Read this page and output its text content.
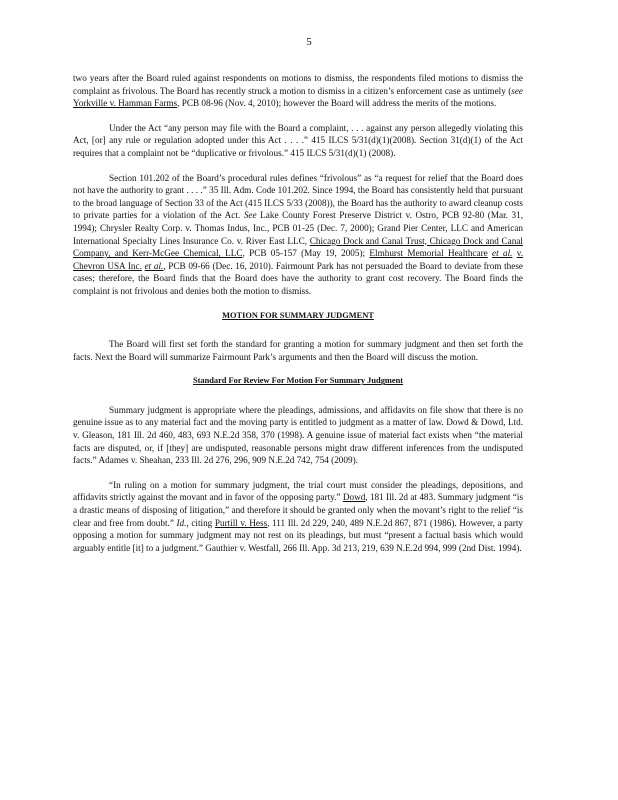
5

two years after the Board ruled against respondents on motions to dismiss, the respondents filed motions to dismiss the complaint as frivolous. The Board has recently struck a motion to dismiss in a citizen’s enforcement case as untimely (see Yorkville v. Hamman Farms, PCB 08-96 (Nov. 4, 2010); however the Board will address the merits of the motions.

Under the Act “any person may file with the Board a complaint, . . . against any person allegedly violating this Act, [or] any rule or regulation adopted under this Act . . . .” 415 ILCS 5/31(d)(1)(2008). Section 31(d)(1) of the Act requires that a complaint not be “duplicative or frivolous.” 415 ILCS 5/31(d)(1) (2008).

Section 101.202 of the Board’s procedural rules defines “frivolous” as “a request for relief that the Board does not have the authority to grant . . . .” 35 Ill. Adm. Code 101.202. Since 1994, the Board has consistently held that pursuant to the broad language of Section 33 of the Act (415 ILCS 5/33 (2008)), the Board has the authority to award cleanup costs to private parties for a violation of the Act. See Lake County Forest Preserve District v. Ostro, PCB 92-80 (Mar. 31, 1994); Chrysler Realty Corp. v. Thomas Indus, Inc., PCB 01-25 (Dec. 7, 2000); Grand Pier Center, LLC and American International Specialty Lines Insurance Co. v. River East LLC, Chicago Dock and Canal Trust, Chicago Dock and Canal Company, and Kerr-McGee Chemical, LLC, PCB 05-157 (May 19, 2005); Elmhurst Memorial Healthcare et al. v. Chevron USA Inc. et al., PCB 09-66 (Dec. 16, 2010). Fairmount Park has not persuaded the Board to deviate from these cases; therefore, the Board finds that the Board does have the authority to grant cost recovery. The Board finds the complaint is not frivolous and denies both the motion to dismiss.

MOTION FOR SUMMARY JUDGMENT

The Board will first set forth the standard for granting a motion for summary judgment and then set forth the facts. Next the Board will summarize Fairmount Park’s arguments and then the Board will discuss the motion.

Standard For Review For Motion For Summary Judgment

Summary judgment is appropriate where the pleadings, admissions, and affidavits on file show that there is no genuine issue as to any material fact and the moving party is entitled to judgment as a matter of law. Dowd & Dowd, Ltd. v. Gleason, 181 Ill. 2d 460, 483, 693 N.E.2d 358, 370 (1998). A genuine issue of material fact exists when “the material facts are disputed, or, if [they] are undisputed, reasonable persons might draw different inferences from the undisputed facts.” Adames v. Sheahan, 233 Ill. 2d 276, 296, 909 N.E.2d 742, 754 (2009).

“In ruling on a motion for summary judgment, the trial court must consider the pleadings, depositions, and affidavits strictly against the movant and in favor of the opposing party.” Dowd, 181 Ill. 2d at 483. Summary judgment “is a drastic means of disposing of litigation,” and therefore it should be granted only when the movant’s right to the relief “is clear and free from doubt.” Id., citing Purtill v. Hess, 111 Ill. 2d 229, 240, 489 N.E.2d 867, 871 (1986). However, a party opposing a motion for summary judgment may not rest on its pleadings, but must “present a factual basis which would arguably entitle [it] to a judgment.” Gauthier v. Westfall, 266 Ill. App. 3d 213, 219, 639 N.E.2d 994, 999 (2nd Dist. 1994).
